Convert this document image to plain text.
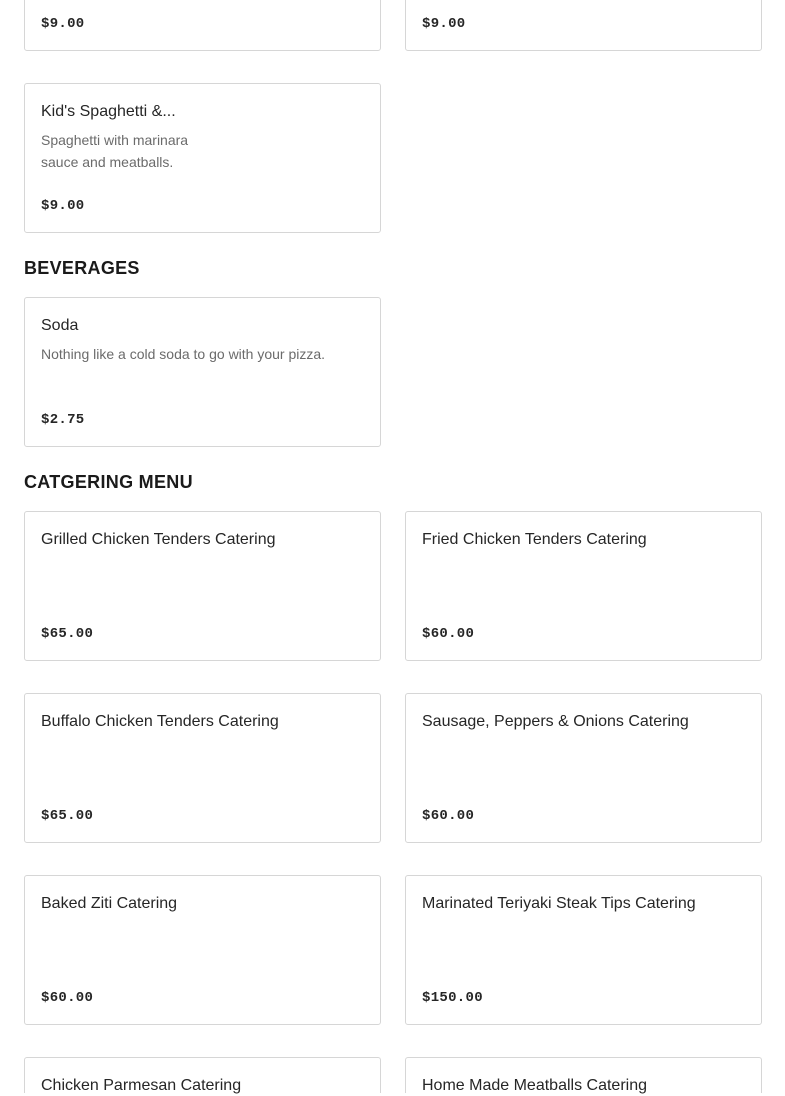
$9.00	$9.00
Kid's Spaghetti &...
Spaghetti with marinara
sauce and meatballs.
$9.00
BEVERAGES
Soda
Nothing like a cold soda to go with your pizza.
$2.75
CATGERING MENU
Grilled Chicken Tenders Catering
$65.00
Fried Chicken Tenders Catering
$60.00
Buffalo Chicken Tenders Catering
$65.00
Sausage, Peppers & Onions Catering
$60.00
Baked Ziti Catering
$60.00
Marinated Teriyaki Steak Tips Catering
$150.00
Chicken Parmesan Catering	Home Made Meatballs Catering
